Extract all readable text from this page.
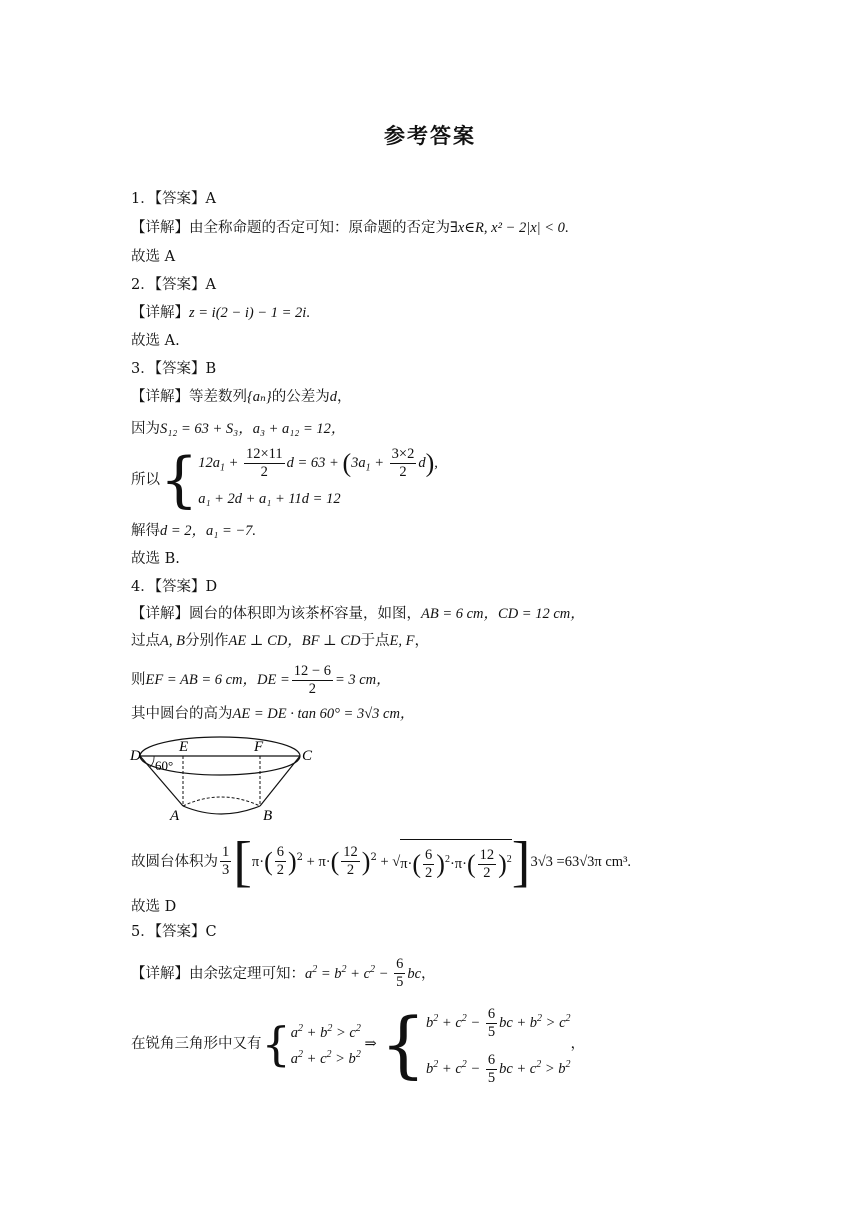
参考答案
1．【答案】A
【详解】由全称命题的否定可知：原命题的否定为∃x∈R, x² − 2|x| < 0.
故选 A
2．【答案】A
【详解】z = i(2 − i) − 1 = 2i.
故选 A.
3．【答案】B
【详解】等差数列{aₙ}的公差为d，
因为S₁₂ = 63 + S₃，a₃ + a₁₂ = 12，
所以{ $12a_1 + \frac{12\times 11}{2}$ $d = 63 + (3a_1 + \frac{3\times 2}{2} d)$,
a₁ + 2d + a₁ + 11d = 12
解得d = 2，a₁ = −7.
故选 B.
4．【答案】D
【详解】圆台的体积即为该茶杯容量，如图，AB = 6 cm，CD = 12 cm，
过点A, B分别作AE ⊥ CD，BF ⊥ CD于点E, F，
则EF = AB = 6 cm，DE = $\frac{12 - 6}{2} = 3$ cm，
其中圆台的高为AE = DE · tan 60° = 3√3 cm，
D
E	F
C
A	B
60°
故圆台体积为 $\frac{1}{3} [\pi\cdot( \frac{6}{2} )^2 + \pi\cdot( \frac{12}{2} )^2 + √\pi\cdot( \frac{6}{2} )^2\cdot\pi\cdot( \frac{12}{2} )^2]3√3 =63√3\pi$ cm³.
故选 D
5．【答案】C
【详解】由余弦定理可知：$a^2 = b^2 + c^2 - \frac{6}{5}$ bc，
在锐角三角形中又有{ $a^2 + b^2 > c^2$
$a^2 + c^2 > b^2$
⇒ { $b^2 + c^2 - \frac{6}{5}$ bc + $b^2 > c^2$
$b^2 + c^2 - \frac{6}{5}$ bc + $c^2 > b^2$
，
